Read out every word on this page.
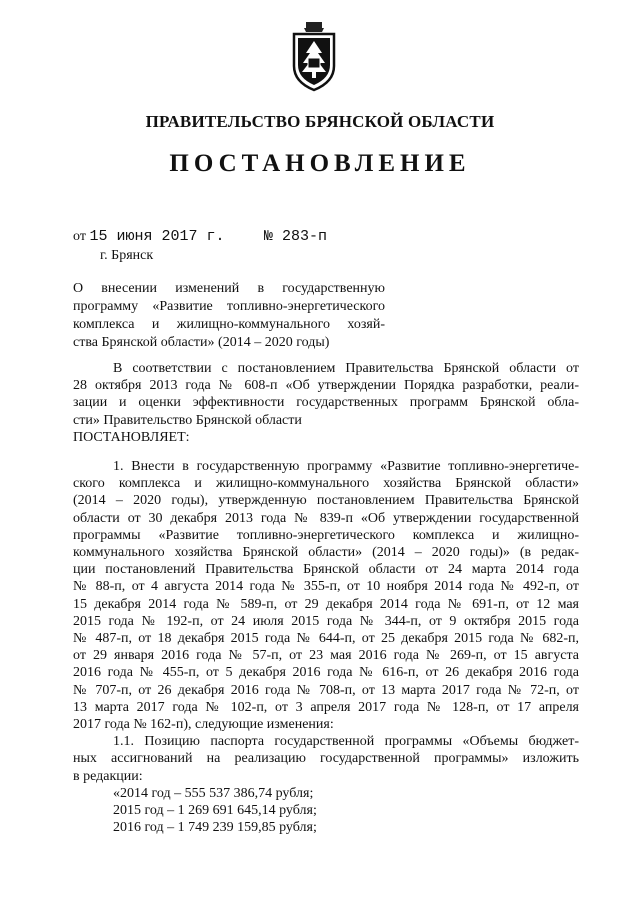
ПРАВИТЕЛЬСТВО БРЯНСКОЙ ОБЛАСТИ
ПОСТАНОВЛЕНИЕ
от 15 июня 2017 г.	№ 283-п
г. Брянск
О внесении изменений в государственную
программу «Развитие топливно-энергетического
комплекса и жилищно-коммунального хозяй-
ства Брянской области» (2014 – 2020 годы)
В соответствии с постановлением Правительства Брянской области от
28 октября 2013 года № 608-п «Об утверждении Порядка разработки, реали-
зации и оценки эффективности государственных программ Брянской обла-
сти» Правительство Брянской области
ПОСТАНОВЛЯЕТ:
1. Внести в государственную программу «Развитие топливно-энергетиче-
ского комплекса и жилищно-коммунального хозяйства Брянской области»
(2014 – 2020 годы), утвержденную постановлением Правительства Брянской
области от 30 декабря 2013 года № 839-п «Об утверждении государственной
программы «Развитие топливно-энергетического комплекса и жилищно-
коммунального хозяйства Брянской области» (2014 – 2020 годы)» (в редак-
ции постановлений Правительства Брянской области от 24 марта 2014 года
№ 88-п, от 4 августа 2014 года № 355-п, от 10 ноября 2014 года № 492-п, от
15 декабря 2014 года № 589-п, от 29 декабря 2014 года № 691-п, от 12 мая
2015 года № 192-п, от 24 июля 2015 года № 344-п, от 9 октября 2015 года
№ 487-п, от 18 декабря 2015 года № 644-п, от 25 декабря 2015 года № 682-п,
от 29 января 2016 года № 57-п, от 23 мая 2016 года № 269-п, от 15 августа
2016 года № 455-п, от 5 декабря 2016 года № 616-п, от 26 декабря 2016 года
№ 707-п, от 26 декабря 2016 года № 708-п, от 13 марта 2017 года № 72-п, от
13 марта 2017 года № 102-п, от 3 апреля 2017 года № 128-п, от 17 апреля
2017 года № 162-п), следующие изменения:
1.1. Позицию паспорта государственной программы «Объемы бюджет-
ных ассигнований на реализацию государственной программы» изложить
в редакции:
«2014 год – 555 537 386,74 рубля;
2015 год – 1 269 691 645,14 рубля;
2016 год – 1 749 239 159,85 рубля;
